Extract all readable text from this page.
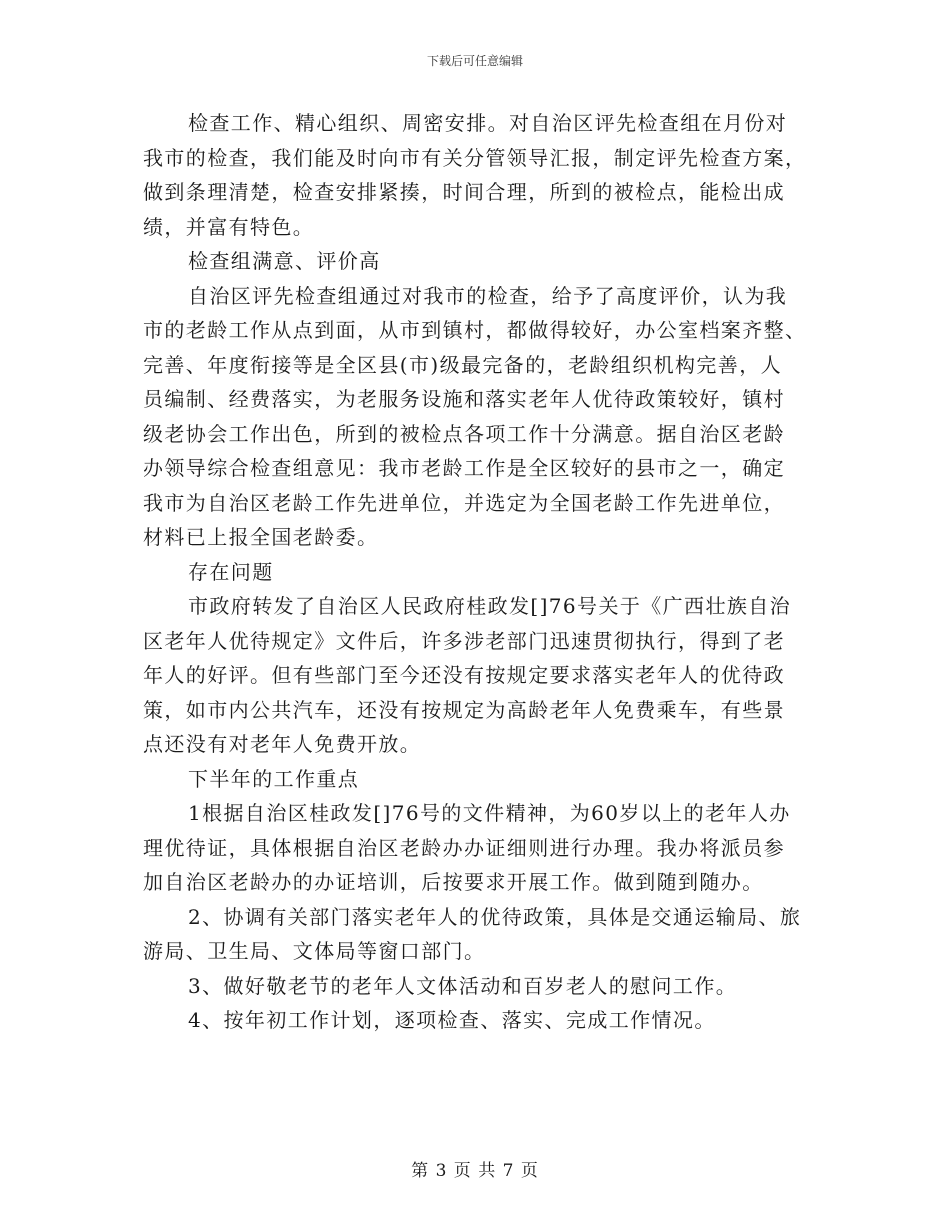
下载后可任意编辑
检查工作、精心组织、周密安排。对自治区评先检查组在月份对
我市的检查，我们能及时向市有关分管领导汇报，制定评先检查方案，
做到条理清楚，检查安排紧揍，时间合理，所到的被检点，能检出成
绩，并富有特色。
检查组满意、评价高
自治区评先检查组通过对我市的检查，给予了高度评价，认为我
市的老龄工作从点到面，从市到镇村，都做得较好，办公室档案齐整、
完善、年度衔接等是全区县(市)级最完备的，老龄组织机构完善，人
员编制、经费落实，为老服务设施和落实老年人优待政策较好，镇村
级老协会工作出色，所到的被检点各项工作十分满意。据自治区老龄
办领导综合检查组意见：我市老龄工作是全区较好的县市之一，确定
我市为自治区老龄工作先进单位，并选定为全国老龄工作先进单位，
材料已上报全国老龄委。
存在问题
市政府转发了自治区人民政府桂政发[]76号关于《广西壮族自治
区老年人优待规定》文件后，许多涉老部门迅速贯彻执行，得到了老
年人的好评。但有些部门至今还没有按规定要求落实老年人的优待政
策，如市内公共汽车，还没有按规定为高龄老年人免费乘车，有些景
点还没有对老年人免费开放。
下半年的工作重点
1根据自治区桂政发[]76号的文件精神，为60岁以上的老年人办
理优待证，具体根据自治区老龄办办证细则进行办理。我办将派员参
加自治区老龄办的办证培训，后按要求开展工作。做到随到随办。
2、协调有关部门落实老年人的优待政策，具体是交通运输局、旅
游局、卫生局、文体局等窗口部门。
3、做好敬老节的老年人文体活动和百岁老人的慰问工作。
4、按年初工作计划，逐项检查、落实、完成工作情况。
第 3 页 共 7 页
